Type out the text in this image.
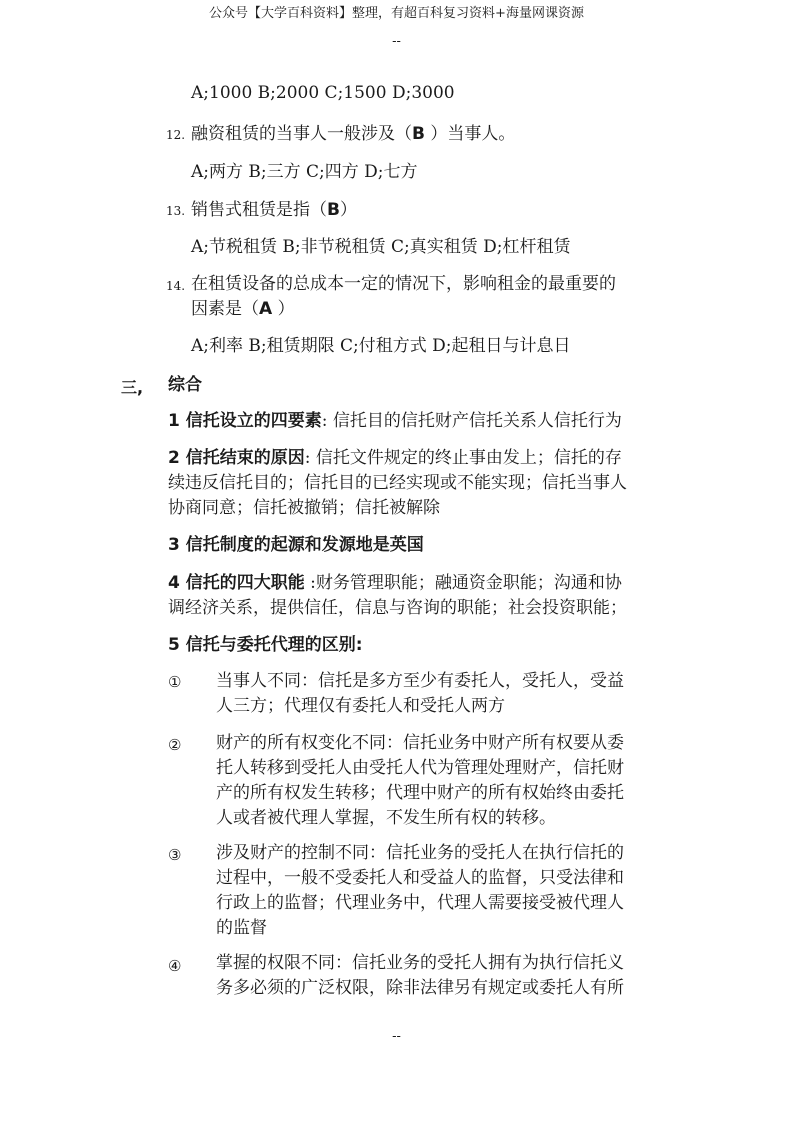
公众号【大学百科资料】整理，有超百科复习资料+海量网课资源
--
A;1000 B;2000 C;1500 D;3000
12. 融资租赁的当事人一般涉及（B ）当事人。
A;两方 B;三方 C;四方 D;七方
13. 销售式租赁是指（B）
A;节税租赁 B;非节税租赁 C;真实租赁 D;杠杆租赁
14. 在租赁设备的总成本一定的情况下，影响租金的最重要的
因素是（A ）
A;利率 B;租赁期限 C;付租方式 D;起租日与计息日
三, 综合
1 信托设立的四要素: 信托目的信托财产信托关系人信托行为
2 信托结束的原因: 信托文件规定的终止事由发上；信托的存
续违反信托目的；信托目的已经实现或不能实现；信托当事人
协商同意；信托被撤销；信托被解除
3 信托制度的起源和发源地是英国
4 信托的四大职能 :财务管理职能；融通资金职能；沟通和协
调经济关系，提供信任，信息与咨询的职能；社会投资职能；
5 信托与委托代理的区别:
① 当事人不同：信托是多方至少有委托人，受托人，受益
人三方；代理仅有委托人和受托人两方
② 财产的所有权变化不同：信托业务中财产所有权要从委
托人转移到受托人由受托人代为管理处理财产，信托财
产的所有权发生转移；代理中财产的所有权始终由委托
人或者被代理人掌握，不发生所有权的转移。
③ 涉及财产的控制不同：信托业务的受托人在执行信托的
过程中，一般不受委托人和受益人的监督，只受法律和
行政上的监督；代理业务中，代理人需要接受被代理人
的监督
④ 掌握的权限不同：信托业务的受托人拥有为执行信托义
务多必须的广泛权限，除非法律另有规定或委托人有所
--
